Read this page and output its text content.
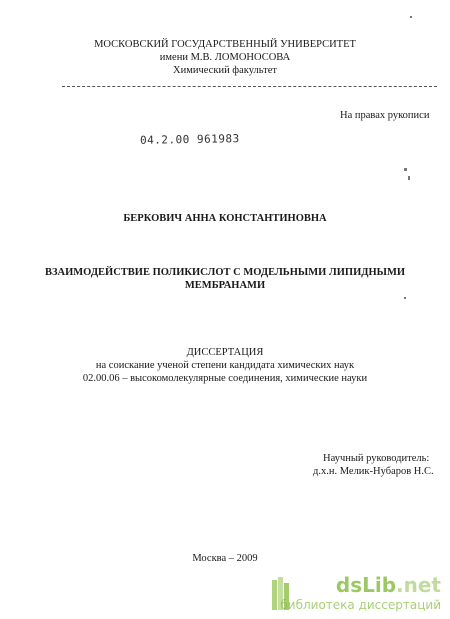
МОСКОВСКИЙ ГОСУДАРСТВЕННЫЙ УНИВЕРСИТЕТ
имени М.В. ЛОМОНОСОВА
Химический факультет
На правах рукописи
04.2.00 961983
БЕРКОВИЧ АННА КОНСТАНТИНОВНА
ВЗАИМОДЕЙСТВИЕ ПОЛИКИСЛОТ С МОДЕЛЬНЫМИ ЛИПИДНЫМИ
МЕМБРАНАМИ
ДИССЕРТАЦИЯ
на соискание ученой степени кандидата химических наук
02.00.06 – высокомолекулярные соединения, химические науки
Научный руководитель:
д.х.н. Мелик-Нубаров Н.С.
Москва – 2009
dsLib.net
библиотека диссертаций
